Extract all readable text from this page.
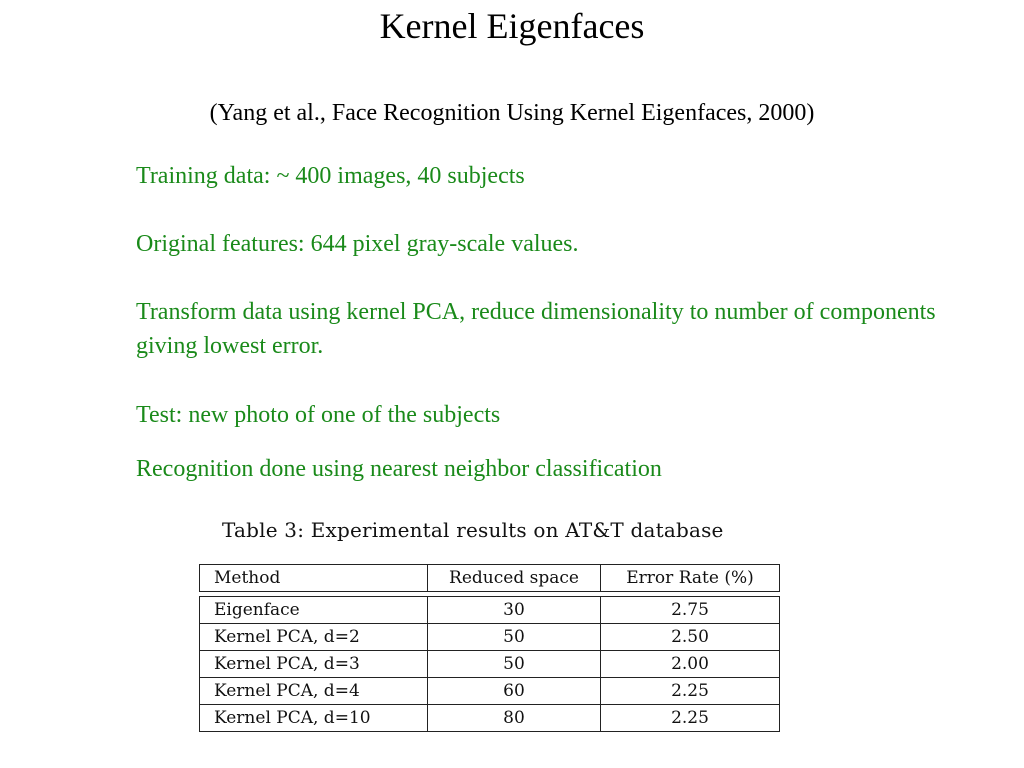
Kernel Eigenfaces
(Yang et al., Face Recognition Using Kernel Eigenfaces, 2000)
Training data: ~ 400 images, 40 subjects
Original features: 644 pixel gray-scale values.
Transform data using kernel PCA, reduce dimensionality to number of components giving lowest error.
Test: new photo of one of the subjects
Recognition done using nearest neighbor classification
Table 3: Experimental results on AT&T database
Method	Reduced space	Error Rate (%)
Eigenface	30	2.75
Kernel PCA, d=2	50	2.50
Kernel PCA, d=3	50	2.00
Kernel PCA, d=4	60	2.25
Kernel PCA, d=10	80	2.25
